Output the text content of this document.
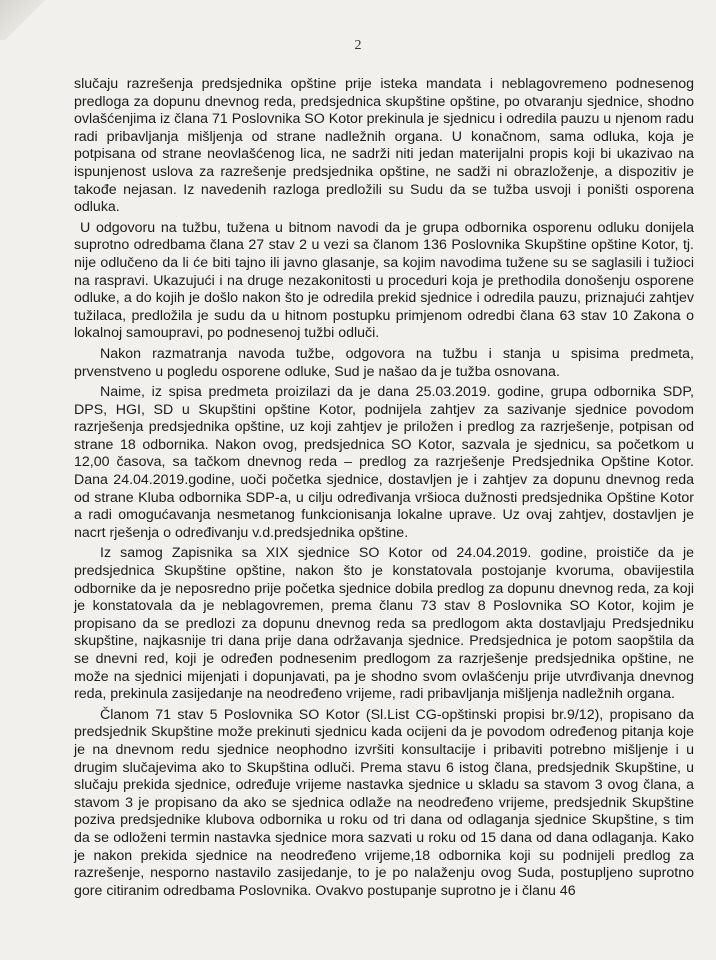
2

slučaju razrešenja predsjednika opštine prije isteka mandata i neblagovremeno podnesenog predloga za dopunu dnevnog reda, predsjednica skupštine opštine, po otvaranju sjednice, shodno ovlašćenjima iz člana 71 Poslovnika SO Kotor prekinula je sjednicu i odredila pauzu u njenom radu radi pribavljanja mišljenja od strane nadležnih organa. U konačnom, sama odluka, koja je potpisana od strane neovlašćenog lica, ne sadrži niti jedan materijalni propis koji bi ukazivao na ispunjenost uslova za razrešenje predsjednika opštine, ne sadži ni obrazloženje, a dispozitiv je takođe nejasan. Iz navedenih razloga predložili su Sudu da se tužba usvoji i poništi osporena odluka.

U odgovoru na tužbu, tužena u bitnom navodi da je grupa odbornika osporenu odluku donijela suprotno odredbama člana 27 stav 2 u vezi sa članom 136 Poslovnika Skupštine opštine Kotor, tj. nije odlučeno da li će biti tajno ili javno glasanje, sa kojim navodima tužene su se saglasili i tužioci na raspravi. Ukazujući i na druge nezakonitosti u proceduri koja je prethodila donošenju osporene odluke, a do kojih je došlo nakon što je odredila prekid sjednice i odredila pauzu, priznajući zahtjev tužilaca, predložila je sudu da u hitnom postupku primjenom odredbi člana 63 stav 10 Zakona o lokalnoj samoupravi, po podnesenoj tužbi odluči.

Nakon razmatranja navoda tužbe, odgovora na tužbu i stanja u spisima predmeta, prvenstveno u pogledu osporene odluke, Sud je našao da je tužba osnovana.

Naime, iz spisa predmeta proizilazi da je dana 25.03.2019. godine, grupa odbornika SDP, DPS, HGI, SD u Skupštini opštine Kotor, podnijela zahtjev za sazivanje sjednice povodom razrješenja predsjednika opštine, uz koji zahtjev je priložen i predlog za razrješenje, potpisan od strane 18 odbornika. Nakon ovog, predsjednica SO Kotor, sazvala je sjednicu, sa početkom u 12,00 časova, sa tačkom dnevnog reda – predlog za razrješenje Predsjednika Opštine Kotor. Dana 24.04.2019.godine, uoči početka sjednice, dostavljen je i zahtjev za dopunu dnevnog reda od strane Kluba odbornika SDP-a, u cilju određivanja vršioca dužnosti predsjednika Opštine Kotor a radi omogućavanja nesmetanog funkcionisanja lokalne uprave. Uz ovaj zahtjev, dostavljen je nacrt rješenja o određivanju v.d.predsjednika opštine.

Iz samog Zapisnika sa XIX sjednice SO Kotor od 24.04.2019. godine, proističe da je predsjednica Skupštine opštine, nakon što je konstatovala postojanje kvoruma, obavijestila odbornike da je neposredno prije početka sjednice dobila predlog za dopunu dnevnog reda, za koji je konstatovala da je neblagovremen, prema članu 73 stav 8 Poslovnika SO Kotor, kojim je propisano da se predlozi za dopunu dnevnog reda sa predlogom akta dostavljaju Predsjedniku skupštine, najkasnije tri dana prije dana održavanja sjednice. Predsjednica je potom saopštila da se dnevni red, koji je određen podnesenim predlogom za razrješenje predsjednika opštine, ne može na sjednici mijenjati i dopunjavati, pa je shodno svom ovlašćenju prije utvrđivanja dnevnog reda, prekinula zasijedanje na neodređeno vrijeme, radi pribavljanja mišljenja nadležnih organa.

Članom 71 stav 5 Poslovnika SO Kotor (Sl.List CG-opštinski propisi br.9/12), propisano da predsjednik Skupštine može prekinuti sjednicu kada ocijeni da je povodom određenog pitanja koje je na dnevnom redu sjednice neophodno izvršiti konsultacije i pribaviti potrebno mišljenje i u drugim slučajevima ako to Skupština odluči. Prema stavu 6 istog člana, predsjednik Skupštine, u slučaju prekida sjednice, određuje vrijeme nastavka sjednice u skladu sa stavom 3 ovog člana, a stavom 3 je propisano da ako se sjednica odlaže na neodređeno vrijeme, predsjednik Skupštine poziva predsjednike klubova odbornika u roku od tri dana od odlaganja sjednice Skupštine, s tim da se odloženi termin nastavka sjednice mora sazvati u roku od 15 dana od dana odlaganja. Kako je nakon prekida sjednice na neodređeno vrijeme,18 odbornika koji su podnijeli predlog za razrešenje, nesporno nastavilo zasijedanje, to je po nalaženju ovog Suda, postupljeno suprotno gore citiranim odredbama Poslovnika. Ovakvo postupanje suprotno je i članu 46
